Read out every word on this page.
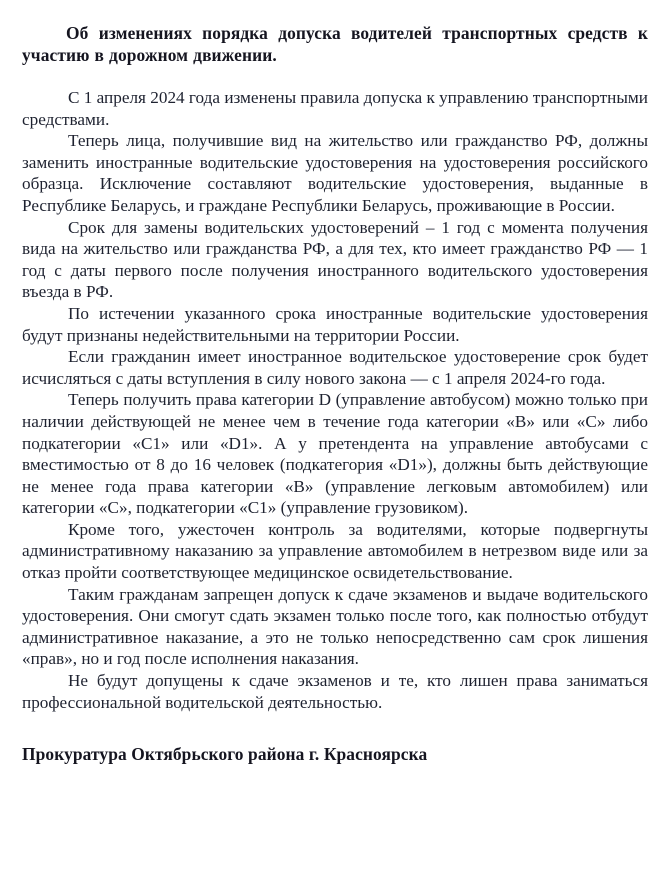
Об изменениях порядка допуска водителей транспортных средств к участию в дорожном движении.

С 1 апреля 2024 года изменены правила допуска к управлению транспортными средствами.

Теперь лица, получившие вид на жительство или гражданство РФ, должны заменить иностранные водительские удостоверения на удостоверения российского образца. Исключение составляют водительские удостоверения, выданные в Республике Беларусь, и граждане Республики Беларусь, проживающие в России.

Срок для замены водительских удостоверений – 1 год с момента получения вида на жительство или гражданства РФ, а для тех, кто имеет гражданство РФ — 1 год с даты первого после получения иностранного водительского удостоверения въезда в РФ.

По истечении указанного срока иностранные водительские удостоверения будут признаны недействительными на территории России.

Если гражданин имеет иностранное водительское удостоверение срок будет исчисляться с даты вступления в силу нового закона — с 1 апреля 2024-го года.

Теперь получить права категории D (управление автобусом) можно только при наличии действующей не менее чем в течение года категории «B» или «C» либо подкатегории «C1» или «D1». А у претендента на управление автобусами с вместимостью от 8 до 16 человек (подкатегория «D1»), должны быть действующие не менее года права категории «B» (управление легковым автомобилем) или категории «C», подкатегории «C1» (управление грузовиком).

Кроме того, ужесточен контроль за водителями, которые подвергнуты административному наказанию за управление автомобилем в нетрезвом виде или за отказ пройти соответствующее медицинское освидетельствование.

Таким гражданам запрещен допуск к сдаче экзаменов и выдаче водительского удостоверения. Они смогут сдать экзамен только после того, как полностью отбудут административное наказание, а это не только непосредственно сам срок лишения «прав», но и год после исполнения наказания.

Не будут допущены к сдаче экзаменов и те, кто лишен права заниматься профессиональной водительской деятельностью.

Прокуратура Октябрьского района г. Красноярска
